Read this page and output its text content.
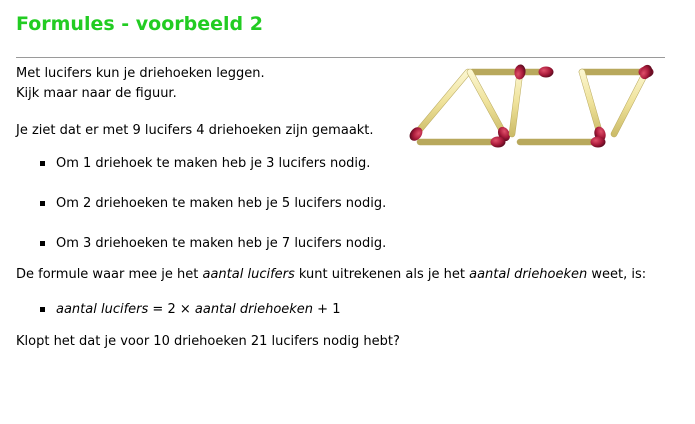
Formules - voorbeeld 2
Met lucifers kun je driehoeken leggen.
Kijk maar naar de figuur.
Je ziet dat er met 9 lucifers 4 driehoeken zijn gemaakt.
Om 1 driehoek te maken heb je 3 lucifers nodig.
Om 2 driehoeken te maken heb je 5 lucifers nodig.
Om 3 driehoeken te maken heb je 7 lucifers nodig.
De formule waar mee je het aantal lucifers kunt uitrekenen als je het aantal driehoeken weet, is:
aantal lucifers = 2 × aantal driehoeken + 1
Klopt het dat je voor 10 driehoeken 21 lucifers nodig hebt?
